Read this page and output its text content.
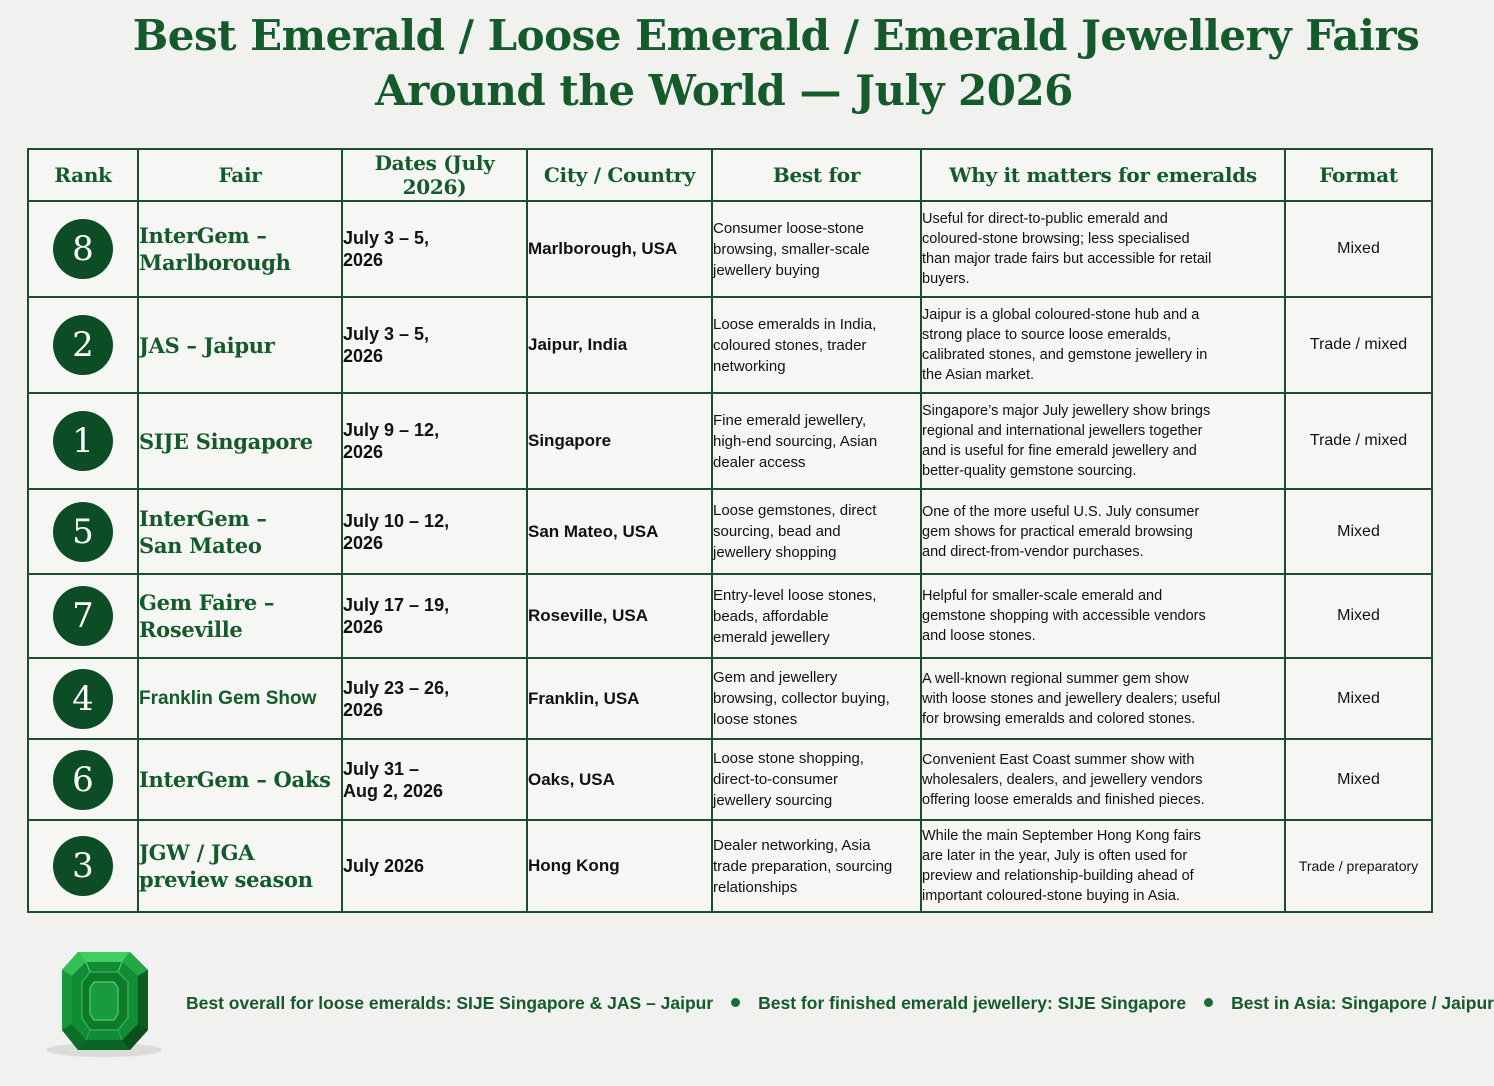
Best Emerald / Loose Emerald / Emerald Jewellery Fairs
Around the World — July 2026
Rank	Fair	Dates (July 2026)	City / Country	Best for	Why it matters for emeralds	Format
8	InterGem –
Marlborough	July 3 – 5,
2026	Marlborough, USA	Consumer loose-stone
browsing, smaller-scale
jewellery buying	Useful for direct-to-public emerald and
coloured-stone browsing; less specialised
than major trade fairs but accessible for retail
buyers.	Mixed
2	JAS – Jaipur	July 3 – 5,
2026	Jaipur, India	Loose emeralds in India,
coloured stones, trader
networking	Jaipur is a global coloured-stone hub and a
strong place to source loose emeralds,
calibrated stones, and gemstone jewellery in
the Asian market.	Trade / mixed
1	SIJE Singapore	July 9 – 12,
2026	Singapore	Fine emerald jewellery,
high-end sourcing, Asian
dealer access	Singapore’s major July jewellery show brings
regional and international jewellers together
and is useful for fine emerald jewellery and
better-quality gemstone sourcing.	Trade / mixed
5	InterGem –
San Mateo	July 10 – 12,
2026	San Mateo, USA	Loose gemstones, direct
sourcing, bead and
jewellery shopping	One of the more useful U.S. July consumer
gem shows for practical emerald browsing
and direct-from-vendor purchases.	Mixed
7	Gem Faire –
Roseville	July 17 – 19,
2026	Roseville, USA	Entry-level loose stones,
beads, affordable
emerald jewellery	Helpful for smaller-scale emerald and
gemstone shopping with accessible vendors
and loose stones.	Mixed
4	Franklin Gem Show	July 23 – 26,
2026	Franklin, USA	Gem and jewellery
browsing, collector buying,
loose stones	A well-known regional summer gem show
with loose stones and jewellery dealers; useful
for browsing emeralds and colored stones.	Mixed
6	InterGem – Oaks	July 31 –
Aug 2, 2026	Oaks, USA	Loose stone shopping,
direct-to-consumer
jewellery sourcing	Convenient East Coast summer show with
wholesalers, dealers, and jewellery vendors
offering loose emeralds and finished pieces.	Mixed
3	JGW / JGA
preview season	July 2026	Hong Kong	Dealer networking, Asia
trade preparation, sourcing
relationships	While the main September Hong Kong fairs
are later in the year, July is often used for
preview and relationship-building ahead of
important coloured-stone buying in Asia.	Trade / preparatory
Best overall for loose emeralds: SIJE Singapore & JAS – Jaipur	Best for finished emerald jewellery: SIJE Singapore	Best in Asia: Singapore / Jaipur
